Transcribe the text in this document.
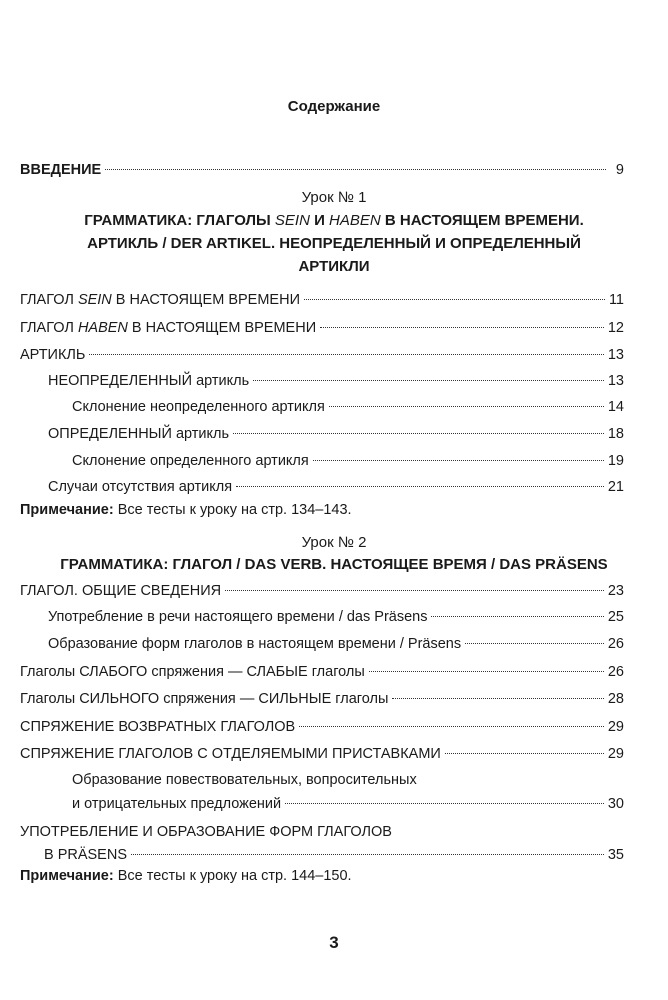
Содержание
ВВЕДЕНИЕ	9
Урок № 1
ГРАММАТИКА: ГЛАГОЛЫ SEIN И HABEN В НАСТОЯЩЕМ ВРЕМЕНИ.
АРТИКЛЬ / DER ARTIKEL. НЕОПРЕДЕЛЕННЫЙ И ОПРЕДЕЛЕННЫЙ
АРТИКЛИ
ГЛАГОЛ SEIN В НАСТОЯЩЕМ ВРЕМЕНИ	11
ГЛАГОЛ HABEN В НАСТОЯЩЕМ ВРЕМЕНИ	12
АРТИКЛЬ	13
НЕОПРЕДЕЛЕННЫЙ артикль	13
Склонение неопределенного артикля	14
ОПРЕДЕЛЕННЫЙ артикль	18
Склонение определенного артикля	19
Случаи отсутствия артикля	21
Примечание: Все тесты к уроку на стр. 134–143.
Урок № 2
ГРАММАТИКА: ГЛАГОЛ / DAS VERB. НАСТОЯЩЕЕ ВРЕМЯ / DAS PRÄSENS
ГЛАГОЛ. ОБЩИЕ СВЕДЕНИЯ	23
Употребление в речи настоящего времени / das Präsens	25
Образование форм глаголов в настоящем времени / Präsens	26
Глаголы СЛАБОГО спряжения — СЛАБЫЕ глаголы	26
Глаголы СИЛЬНОГО спряжения — СИЛЬНЫЕ глаголы	28
СПРЯЖЕНИЕ ВОЗВРАТНЫХ ГЛАГОЛОВ	29
СПРЯЖЕНИЕ ГЛАГОЛОВ С ОТДЕЛЯЕМЫМИ ПРИСТАВКАМИ	29
Образование повествовательных, вопросительных
и отрицательных предложений	30
УПОТРЕБЛЕНИЕ И ОБРАЗОВАНИЕ ФОРМ ГЛАГОЛОВ
В PRÄSENS	35
Примечание: Все тесты к уроку на стр. 144–150.
3
